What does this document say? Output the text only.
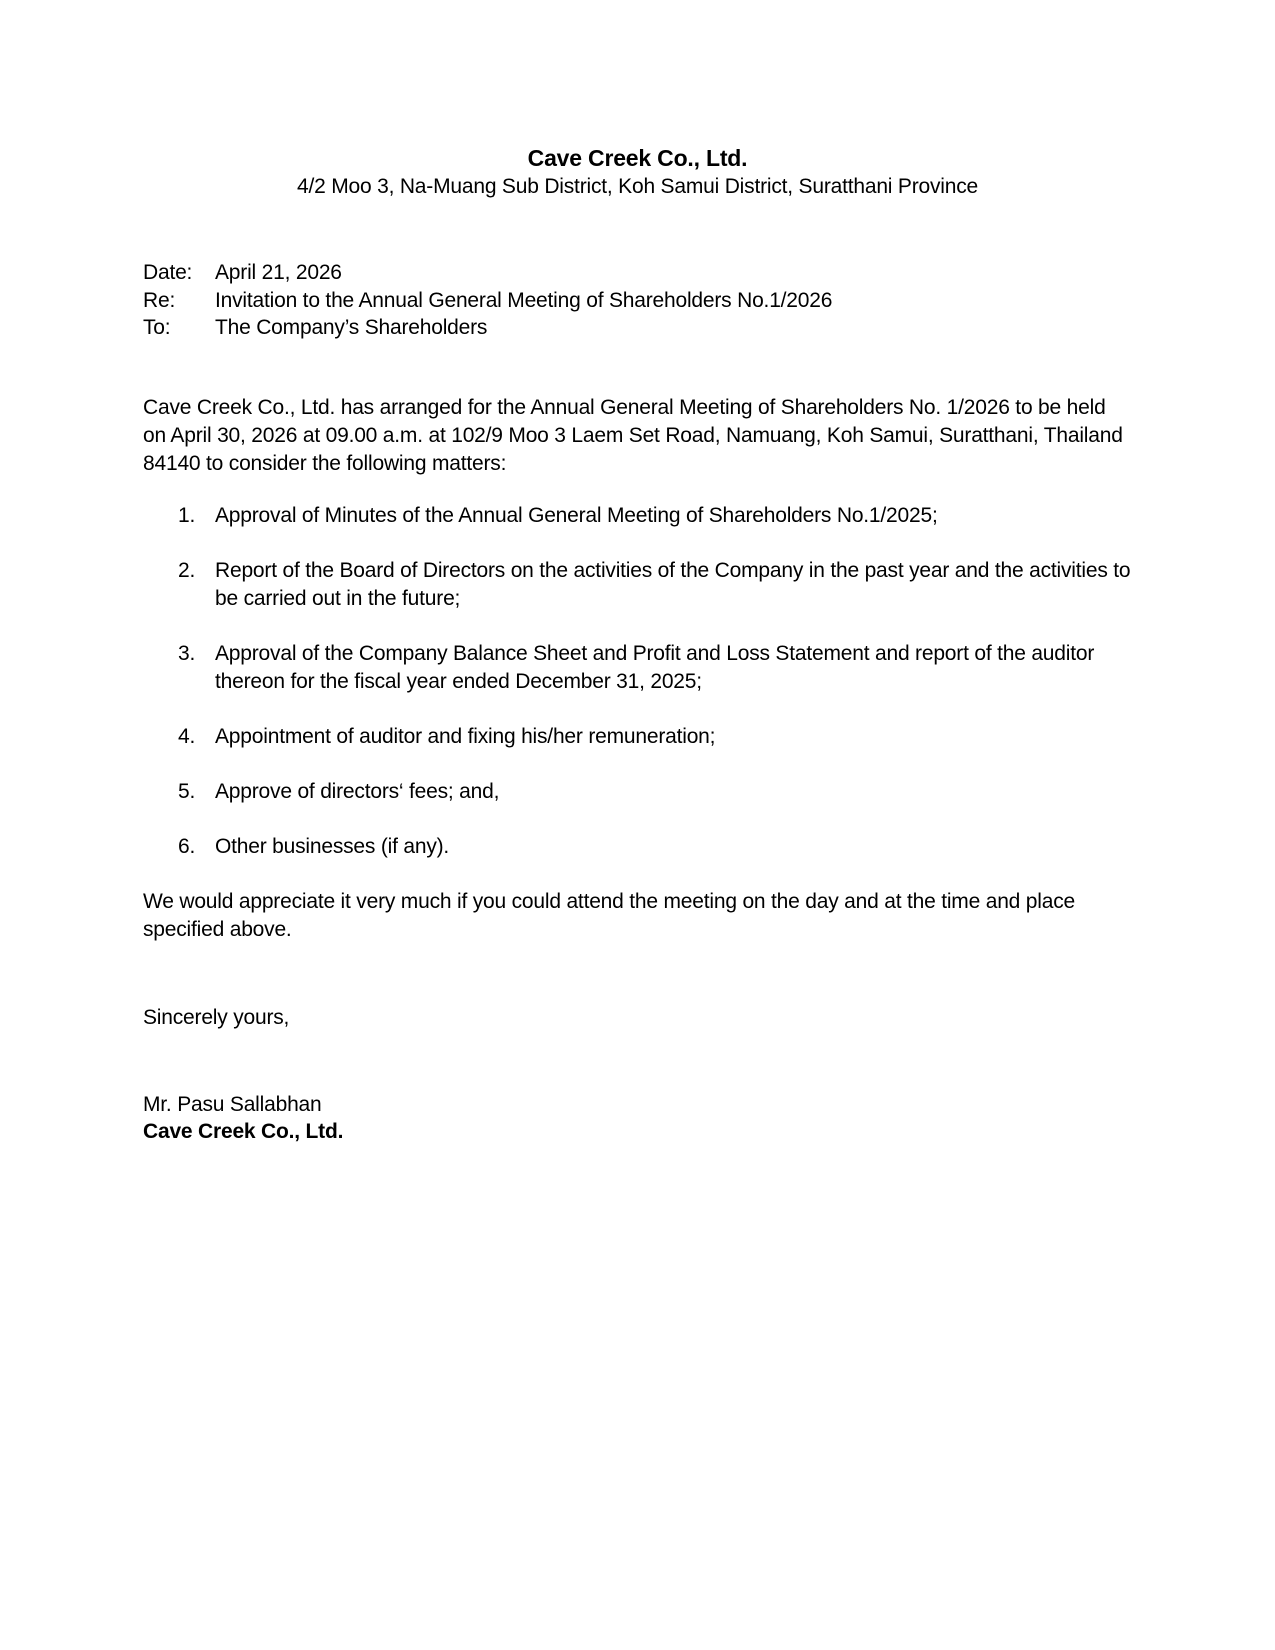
Cave Creek Co., Ltd.
4/2 Moo 3, Na-Muang Sub District, Koh Samui District, Suratthani Province
Date:	April 21, 2026
Re:	Invitation to the Annual General Meeting of Shareholders No.1/2026
To:	The Company’s Shareholders

Cave Creek Co., Ltd. has arranged for the Annual General Meeting of Shareholders No. 1/2026 to be held on April 30, 2026 at 09.00 a.m. at 102/9 Moo 3 Laem Set Road, Namuang, Koh Samui, Suratthani, Thailand 84140 to consider the following matters:

1. Approval of Minutes of the Annual General Meeting of Shareholders No.1/2025;
2. Report of the Board of Directors on the activities of the Company in the past year and the activities to be carried out in the future;
3. Approval of the Company Balance Sheet and Profit and Loss Statement and report of the auditor thereon for the fiscal year ended December 31, 2025;
4. Appointment of auditor and fixing his/her remuneration;
5. Approve of directors‘ fees; and,
6. Other businesses (if any).

We would appreciate it very much if you could attend the meeting on the day and at the time and place specified above.

Sincerely yours,

Mr. Pasu Sallabhan
Cave Creek Co., Ltd.
